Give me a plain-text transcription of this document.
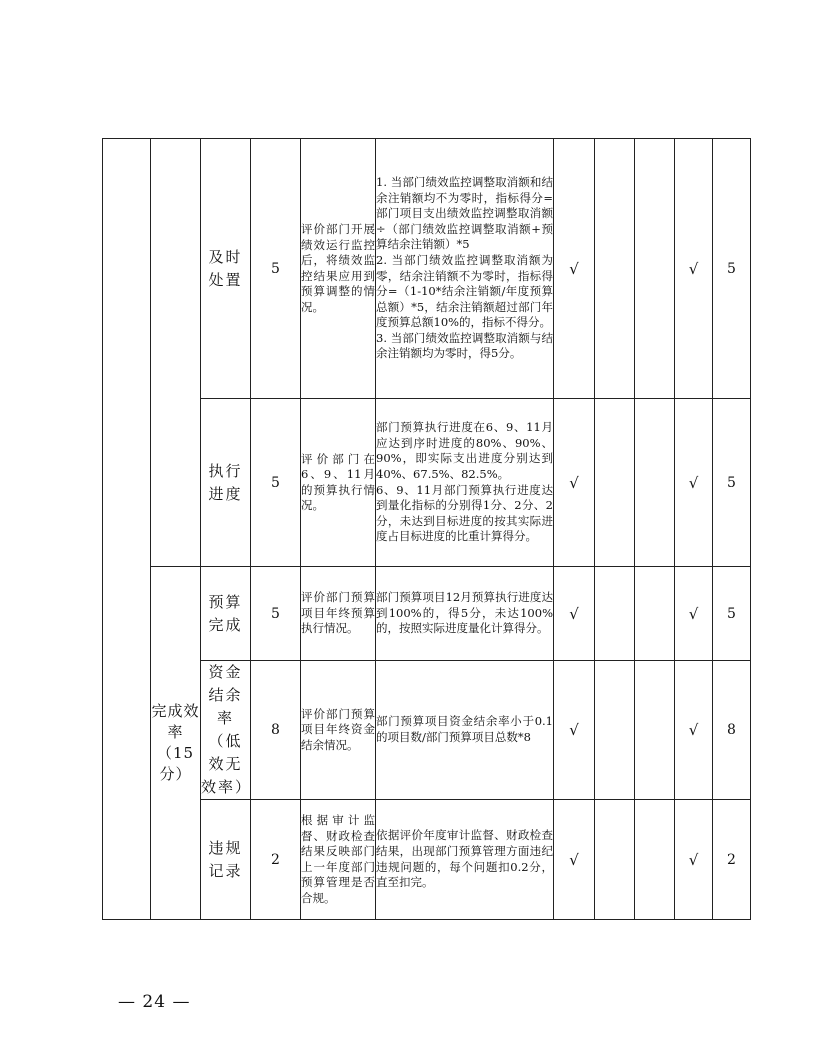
		及时处置	5	评价部门开展绩效运行监控后，将绩效监控结果应用到预算调整的情况。	1. 当部门绩效监控调整取消额和结余注销额均不为零时，指标得分=部门项目支出绩效监控调整取消额÷（部门绩效监控调整取消额+预算结余注销额）*5
2. 当部门绩效监控调整取消额为零，结余注销额不为零时，指标得分=（1-10*结余注销额/年度预算总额）*5，结余注销额超过部门年度预算总额10%的，指标不得分。
3. 当部门绩效监控调整取消额与结余注销额均为零时，得5分。	√			√	5
		执行进度	5	评价部门在6、9、11月的预算执行情况。	部门预算执行进度在6、9、11月应达到序时进度的80%、90%、90%，即实际支出进度分别达到40%、67.5%、82.5%。
6、9、11月部门预算执行进度达到量化指标的分别得1分、2分、2分，未达到目标进度的按其实际进度占目标进度的比重计算得分。	√			√	5
	完成效率（15分）	预算完成	5	评价部门预算项目年终预算执行情况。	部门预算项目12月预算执行进度达到100%的，得5分，未达100%的，按照实际进度量化计算得分。	√			√	5
		资金结余率（低效无效率）	8	评价部门预算项目年终资金结余情况。	部门预算项目资金结余率小于0.1的项目数/部门预算项目总数*8	√			√	8
		违规记录	2	根据审计监督、财政检查结果反映部门上一年度部门预算管理是否合规。	依据评价年度审计监督、财政检查结果，出现部门预算管理方面违纪违规问题的，每个问题扣0.2分，直至扣完。	√			√	2
— 24 —
